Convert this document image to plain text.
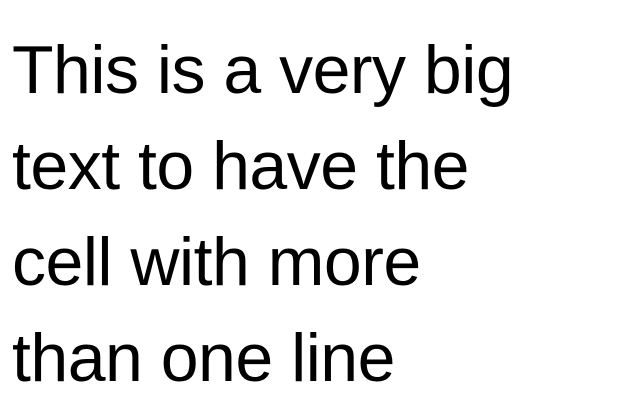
This is a very big
text to have the
cell with more
than one line
